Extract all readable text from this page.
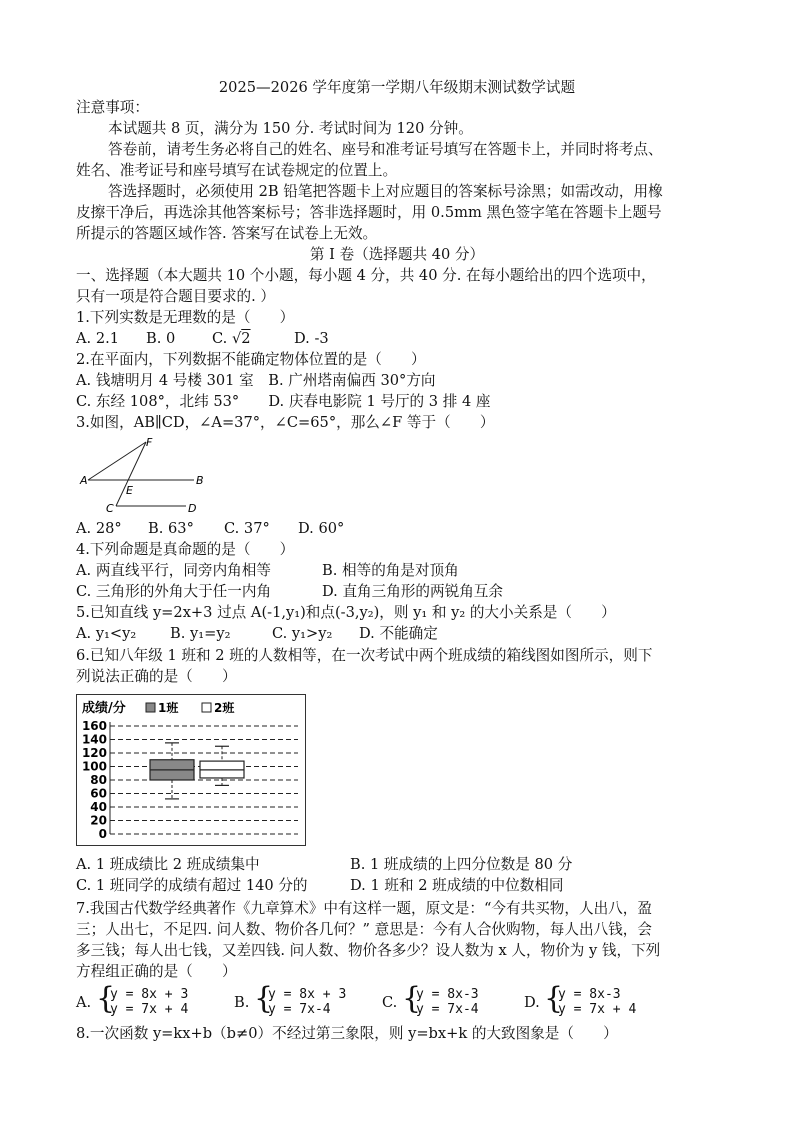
2025—2026 学年度第一学期八年级期末测试数学试题
注意事项：
本试题共 8 页，满分为 150 分. 考试时间为 120 分钟。
答卷前，请考生务必将自己的姓名、座号和准考证号填写在答题卡上，并同时将考点、
姓名、准考证号和座号填写在试卷规定的位置上。
答选择题时，必须使用 2B 铅笔把答题卡上对应题目的答案标号涂黑；如需改动，用橡
皮擦干净后，再选涂其他答案标号；答非选择题时，用 0.5mm 黑色签字笔在答题卡上题号
所提示的答题区域作答. 答案写在试卷上无效。
第 Ⅰ 卷（选择题共 40 分）
一、选择题（本大题共 10 个小题，每小题 4 分，共 40 分. 在每小题给出的四个选项中，
只有一项是符合题目要求的. ）
1.下列实数是无理数的是（　　）
A. 2.1 B. 0	C. √2	D. -3
2.在平面内，下列数据不能确定物体位置的是（　　）
A. 钱塘明月 4 号楼 301 室　B. 广州塔南偏西 30°方向
C. 东经 108°，北纬 53°　　D. 庆春电影院 1 号厅的 3 排 4 座
3.如图，AB∥CD，∠A=37°，∠C=65°，那么∠F 等于（　　）
A	B
C	D
E
F
A. 28° B. 63° C. 37° D. 60°
4.下列命题是真命题的是（　　）
A. 两直线平行，同旁内角相等	B. 相等的角是对顶角
C. 三角形的外角大于任一内角	D. 直角三角形的两锐角互余
5.已知直线 y=2x+3 过点 A(-1,y₁)和点(-3,y₂)，则 y₁ 和 y₂ 的大小关系是（　　）
A. y₁<y₂ B. y₁=y₂	C. y₁>y₂ D. 不能确定
6.已知八年级 1 班和 2 班的人数相等，在一次考试中两个班成绩的箱线图如图所示，则下
列说法正确的是（　　）
成绩/分	1班	2班
0
20
40
60
80
100
120
140
160
A. 1 班成绩比 2 班成绩集中	B. 1 班成绩的上四分位数是 80 分
C. 1 班同学的成绩有超过 140 分的	D. 1 班和 2 班成绩的中位数相同
7.我国古代数学经典著作《九章算术》中有这样一题，原文是：“今有共买物，人出八，盈
三；人出七，不足四. 问人数、物价各几何？” 意思是：今有人合伙购物，每人出八钱，会
多三钱；每人出七钱，又差四钱. 问人数、物价各多少？设人数为 x 人，物价为 y 钱，下列
方程组正确的是（　　）
A. {
y = 8x + 3
y = 7x + 4	B. {
y = 8x + 3
y = 7x-4	C. {
y = 8x-3
y = 7x-4	D. {
y = 8x-3
y = 7x + 4
8.一次函数 y=kx+b（b≠0）不经过第三象限，则 y=bx+k 的大致图象是（　　）
